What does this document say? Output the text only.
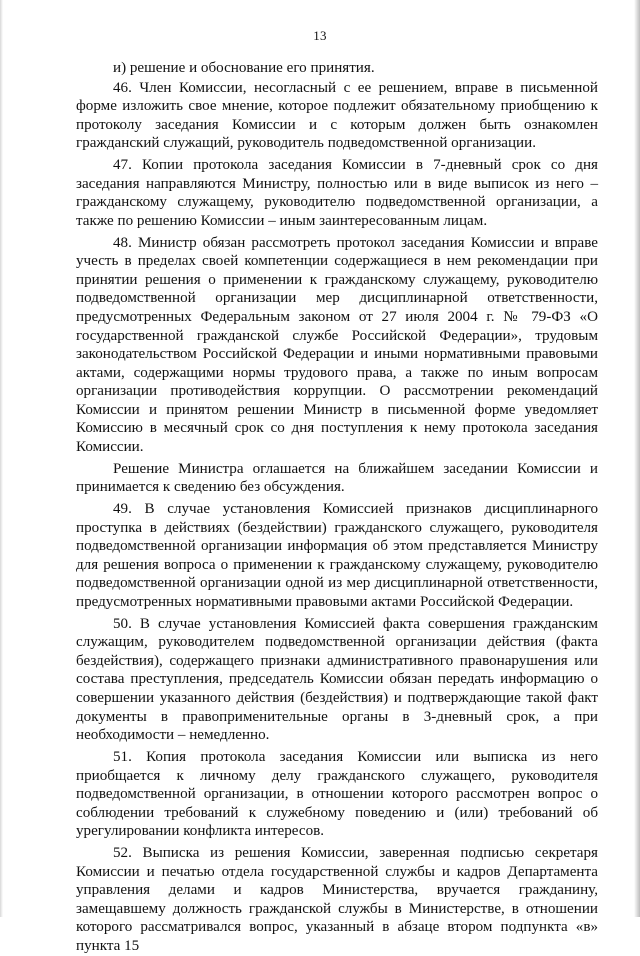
13

и) решение и обоснование его принятия.

46. Член Комиссии, несогласный с ее решением, вправе в письменной форме изложить свое мнение, которое подлежит обязательному приобщению к протоколу заседания Комиссии и с которым должен быть ознакомлен гражданский служащий, руководитель подведомственной организации.

47. Копии протокола заседания Комиссии в 7-дневный срок со дня заседания направляются Министру, полностью или в виде выписок из него – гражданскому служащему, руководителю подведомственной организации, а также по решению Комиссии – иным заинтересованным лицам.

48. Министр обязан рассмотреть протокол заседания Комиссии и вправе учесть в пределах своей компетенции содержащиеся в нем рекомендации при принятии решения о применении к гражданскому служащему, руководителю подведомственной организации мер дисциплинарной ответственности, предусмотренных Федеральным законом от 27 июля 2004 г. № 79-ФЗ «О государственной гражданской службе Российской Федерации», трудовым законодательством Российской Федерации и иными нормативными правовыми актами, содержащими нормы трудового права, а также по иным вопросам организации противодействия коррупции. О рассмотрении рекомендаций Комиссии и принятом решении Министр в письменной форме уведомляет Комиссию в месячный срок со дня поступления к нему протокола заседания Комиссии.

Решение Министра оглашается на ближайшем заседании Комиссии и принимается к сведению без обсуждения.

49. В случае установления Комиссией признаков дисциплинарного проступка в действиях (бездействии) гражданского служащего, руководителя подведомственной организации информация об этом представляется Министру для решения вопроса о применении к гражданскому служащему, руководителю подведомственной организации одной из мер дисциплинарной ответственности, предусмотренных нормативными правовыми актами Российской Федерации.

50. В случае установления Комиссией факта совершения гражданским служащим, руководителем подведомственной организации действия (факта бездействия), содержащего признаки административного правонарушения или состава преступления, председатель Комиссии обязан передать информацию о совершении указанного действия (бездействия) и подтверждающие такой факт документы в правоприменительные органы в 3-дневный срок, а при необходимости – немедленно.

51. Копия протокола заседания Комиссии или выписка из него приобщается к личному делу гражданского служащего, руководителя подведомственной организации, в отношении которого рассмотрен вопрос о соблюдении требований к служебному поведению и (или) требований об урегулировании конфликта интересов.

52. Выписка из решения Комиссии, заверенная подписью секретаря Комиссии и печатью отдела государственной службы и кадров Департамента управления делами и кадров Министерства, вручается гражданину, замещавшему должность гражданской службы в Министерстве, в отношении которого рассматривался вопрос, указанный в абзаце втором подпункта «в» пункта 15
